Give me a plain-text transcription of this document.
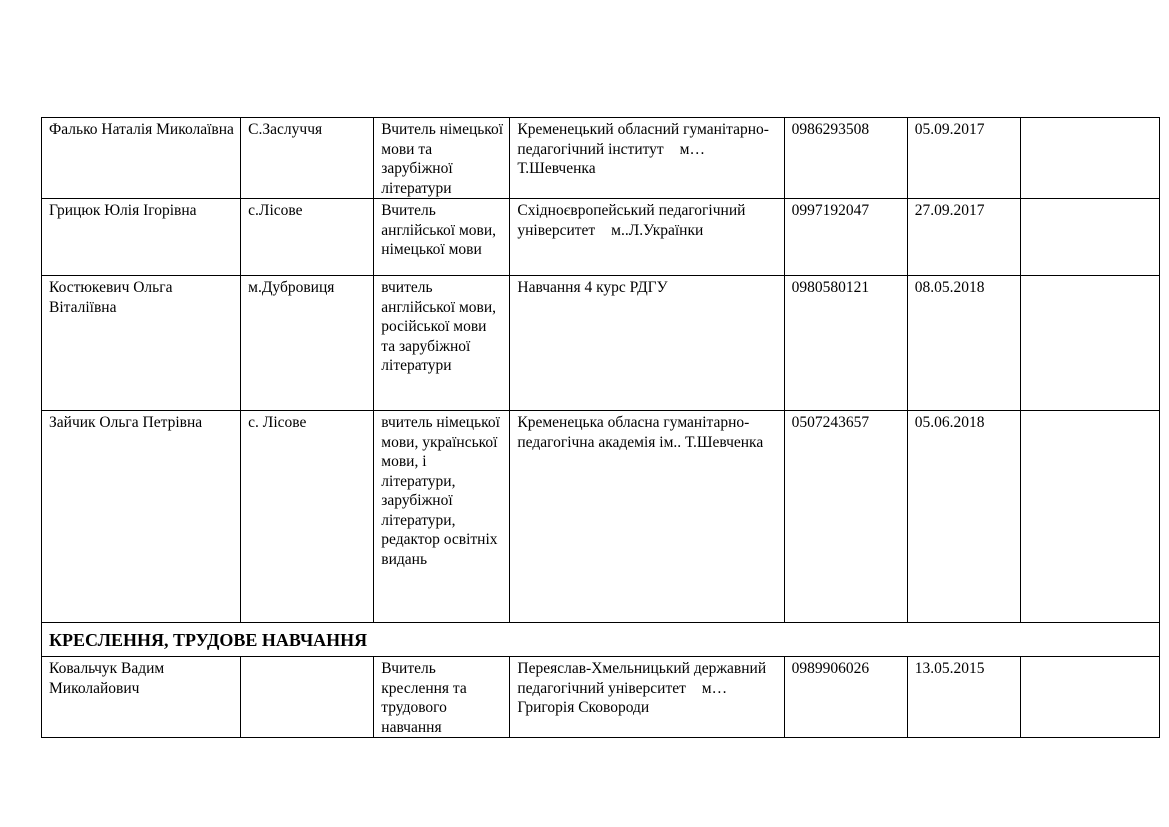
Фалько Наталія Миколаївна	С.Заслуччя	Вчитель німецької мови та зарубіжної літератури	Кременецький обласний гуманітарно-педагогічний інститут м… Т.Шевченка	0986293508	05.09.2017	
Грицюк Юлія Ігорівна	с.Лісове	Вчитель англійської мови, німецької мови	Східноєвропейський педагогічний університет м..Л.Українки	0997192047	27.09.2017	
Костюкевич Ольга Віталіївна	м.Дубровиця	вчитель англійської мови, російської мови та зарубіжної літератури	Навчання 4 курс РДГУ	0980580121	08.05.2018	
Зайчик Ольга Петрівна	с. Лісове	вчитель німецької мови, української мови, і літератури, зарубіжної літератури, редактор освітніх видань	Кременецька обласна гуманітарно-педагогічна академія ім.. Т.Шевченка	0507243657	05.06.2018	
КРЕСЛЕННЯ, ТРУДОВЕ НАВЧАННЯ						
Ковальчук Вадим Миколайович		Вчитель креслення та трудового навчання	Переяслав-Хмельницький державний педагогічний університет м… Григорія Сковороди	0989906026	13.05.2015	
